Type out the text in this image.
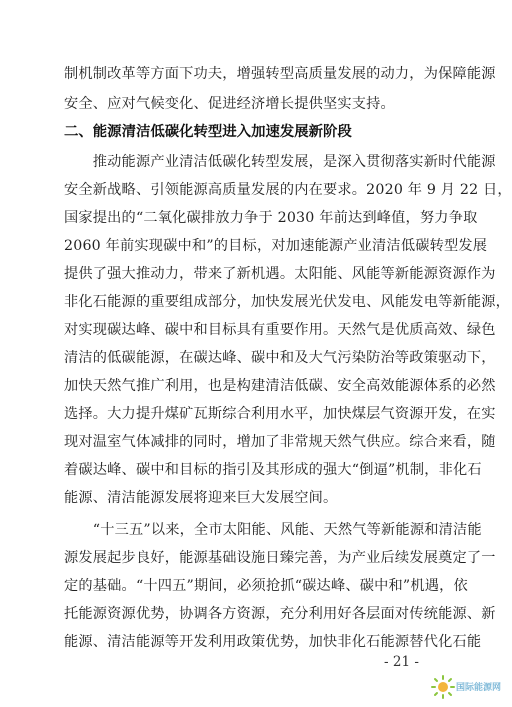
制机制改革等方面下功夫，增强转型高质量发展的动力，为保障能源
安全、应对气候变化、促进经济增长提供坚实支持。
二、能源清洁低碳化转型进入加速发展新阶段
　　推动能源产业清洁低碳化转型发展，是深入贯彻落实新时代能源
安全新战略、引领能源高质量发展的内在要求。2020 年 9 月 22 日，
国家提出的“二氧化碳排放力争于 2030 年前达到峰值，努力争取
2060 年前实现碳中和”的目标，对加速能源产业清洁低碳转型发展
提供了强大推动力，带来了新机遇。太阳能、风能等新能源资源作为
非化石能源的重要组成部分，加快发展光伏发电、风能发电等新能源，
对实现碳达峰、碳中和目标具有重要作用。天然气是优质高效、绿色
清洁的低碳能源，在碳达峰、碳中和及大气污染防治等政策驱动下，
加快天然气推广利用，也是构建清洁低碳、安全高效能源体系的必然
选择。大力提升煤矿瓦斯综合利用水平，加快煤层气资源开发，在实
现对温室气体减排的同时，增加了非常规天然气供应。综合来看，随
着碳达峰、碳中和目标的指引及其形成的强大“倒逼”机制，非化石
能源、清洁能源发展将迎来巨大发展空间。
　　“十三五”以来，全市太阳能、风能、天然气等新能源和清洁能
源发展起步良好，能源基础设施日臻完善，为产业后续发展奠定了一
定的基础。“十四五”期间，必须抢抓“碳达峰、碳中和”机遇，依
托能源资源优势，协调各方资源，充分利用好各层面对传统能源、新
能源、清洁能源等开发利用政策优势，加快非化石能源替代化石能
- 21 -
国际能源网
